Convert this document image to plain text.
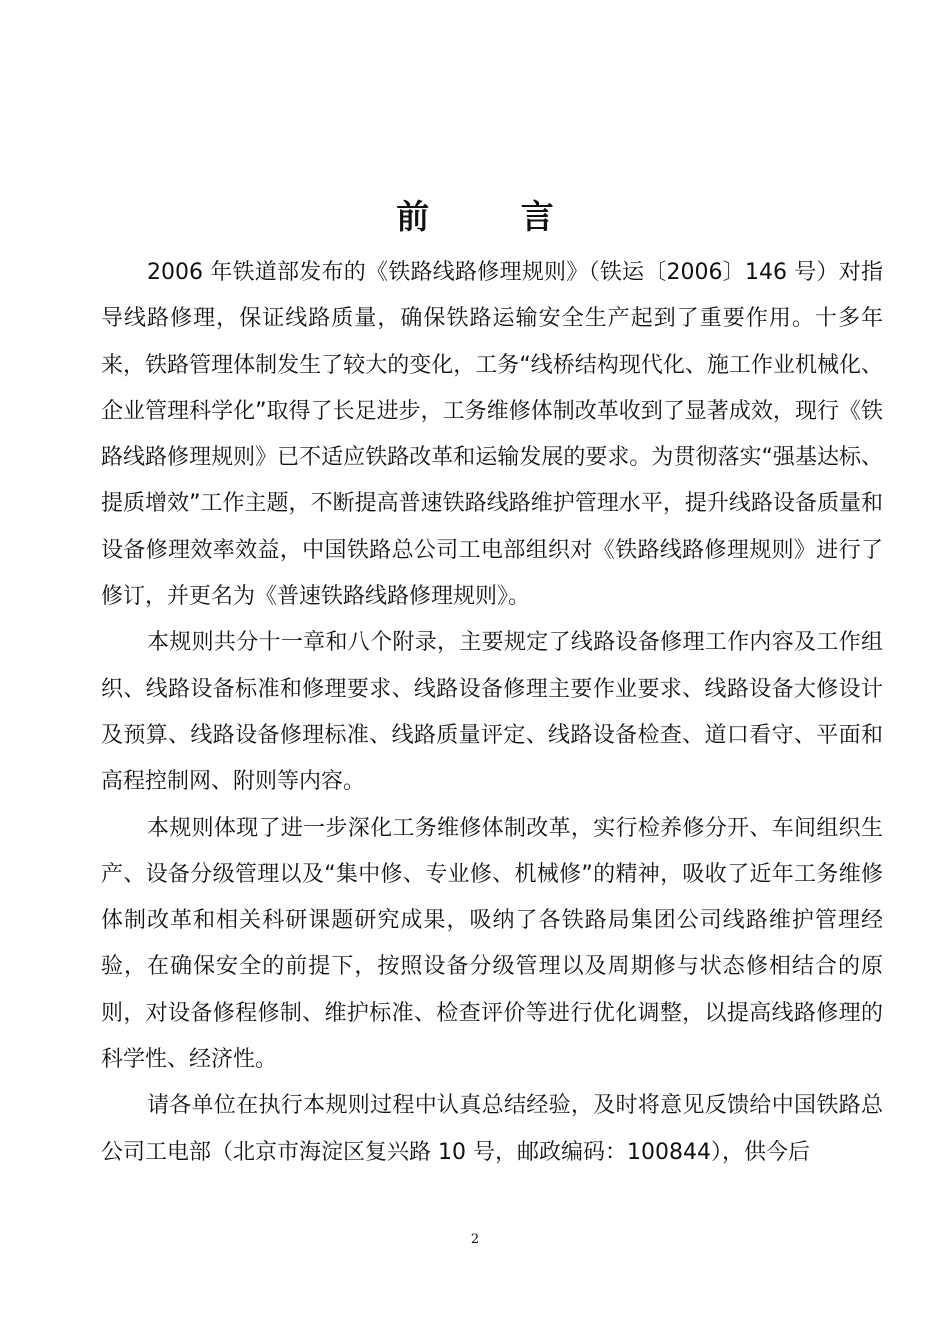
前 言

2006 年铁道部发布的《铁路线路修理规则》（铁运〔2006〕146 号）对指导线路修理，保证线路质量，确保铁路运输安全生产起到了重要作用。十多年来，铁路管理体制发生了较大的变化，工务“线桥结构现代化、施工作业机械化、企业管理科学化”取得了长足进步，工务维修体制改革收到了显著成效，现行《铁路线路修理规则》已不适应铁路改革和运输发展的要求。为贯彻落实“强基达标、提质增效”工作主题，不断提高普速铁路线路维护管理水平，提升线路设备质量和设备修理效率效益，中国铁路总公司工电部组织对《铁路线路修理规则》进行了修订，并更名为《普速铁路线路修理规则》。

本规则共分十一章和八个附录，主要规定了线路设备修理工作内容及工作组织、线路设备标准和修理要求、线路设备修理主要作业要求、线路设备大修设计及预算、线路设备修理标准、线路质量评定、线路设备检查、道口看守、平面和高程控制网、附则等内容。

本规则体现了进一步深化工务维修体制改革，实行检养修分开、车间组织生产、设备分级管理以及“集中修、专业修、机械修”的精神，吸收了近年工务维修体制改革和相关科研课题研究成果，吸纳了各铁路局集团公司线路维护管理经验，在确保安全的前提下，按照设备分级管理以及周期修与状态修相结合的原则，对设备修程修制、维护标准、检查评价等进行优化调整，以提高线路修理的科学性、经济性。

请各单位在执行本规则过程中认真总结经验，及时将意见反馈给中国铁路总公司工电部（北京市海淀区复兴路 10 号，邮政编码：100844），供今后

2
